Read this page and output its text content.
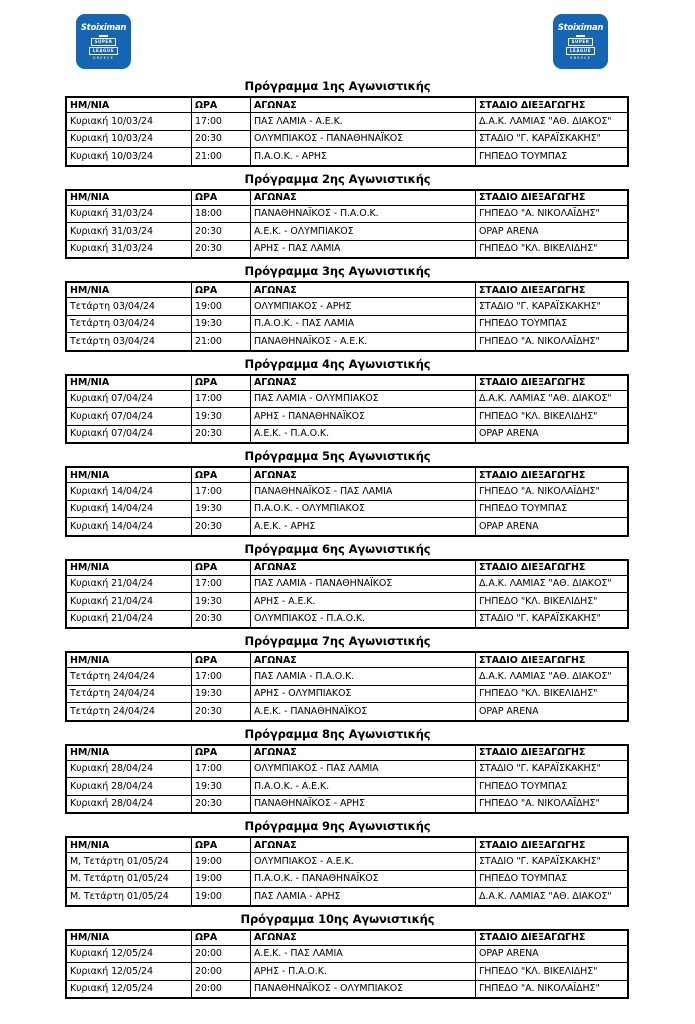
Stoiximan
SUPER
LEAGUE
GREECE
Stoiximan
SUPER
LEAGUE
GREECE
Πρόγραμμα 1ης Αγωνιστικής
ΗΜ/ΝΙΑ	ΩΡΑ	ΑΓΩΝΑΣ	ΣΤΑΔΙΟ ΔΙΕΞΑΓΩΓΗΣ
Κυριακή 10/03/24	17:00	ΠΑΣ ΛΑΜΙΑ - Α.Ε.Κ.	Δ.Α.Κ. ΛΑΜΙΑΣ "ΑΘ. ΔΙΑΚΟΣ"
Κυριακή 10/03/24	20:30	ΟΛΥΜΠΙΑΚΟΣ - ΠΑΝΑΘΗΝΑΪΚΟΣ	ΣΤΑΔΙΟ "Γ. ΚΑΡΑΪΣΚΑΚΗΣ"
Κυριακή 10/03/24	21:00	Π.Α.Ο.Κ. - ΑΡΗΣ	ΓΗΠΕΔΟ ΤΟΥΜΠΑΣ
Πρόγραμμα 2ης Αγωνιστικής
ΗΜ/ΝΙΑ	ΩΡΑ	ΑΓΩΝΑΣ	ΣΤΑΔΙΟ ΔΙΕΞΑΓΩΓΗΣ
Κυριακή 31/03/24	18:00	ΠΑΝΑΘΗΝΑΪΚΟΣ - Π.Α.Ο.Κ.	ΓΗΠΕΔΟ "Α. ΝΙΚΟΛΑΪΔΗΣ"
Κυριακή 31/03/24	20:30	Α.Ε.Κ. - ΟΛΥΜΠΙΑΚΟΣ	OPAP ARENA
Κυριακή 31/03/24	20:30	ΑΡΗΣ - ΠΑΣ ΛΑΜΙΑ	ΓΗΠΕΔΟ "ΚΛ. ΒΙΚΕΛΙΔΗΣ"
Πρόγραμμα 3ης Αγωνιστικής
ΗΜ/ΝΙΑ	ΩΡΑ	ΑΓΩΝΑΣ	ΣΤΑΔΙΟ ΔΙΕΞΑΓΩΓΗΣ
Τετάρτη 03/04/24	19:00	ΟΛΥΜΠΙΑΚΟΣ - ΑΡΗΣ	ΣΤΑΔΙΟ "Γ. ΚΑΡΑΪΣΚΑΚΗΣ"
Τετάρτη 03/04/24	19:30	Π.Α.Ο.Κ. - ΠΑΣ ΛΑΜΙΑ	ΓΗΠΕΔΟ ΤΟΥΜΠΑΣ
Τετάρτη 03/04/24	21:00	ΠΑΝΑΘΗΝΑΪΚΟΣ - Α.Ε.Κ.	ΓΗΠΕΔΟ "Α. ΝΙΚΟΛΑΪΔΗΣ"
Πρόγραμμα 4ης Αγωνιστικής
ΗΜ/ΝΙΑ	ΩΡΑ	ΑΓΩΝΑΣ	ΣΤΑΔΙΟ ΔΙΕΞΑΓΩΓΗΣ
Κυριακή 07/04/24	17:00	ΠΑΣ ΛΑΜΙΑ - ΟΛΥΜΠΙΑΚΟΣ	Δ.Α.Κ. ΛΑΜΙΑΣ "ΑΘ. ΔΙΑΚΟΣ"
Κυριακή 07/04/24	19:30	ΑΡΗΣ - ΠΑΝΑΘΗΝΑΪΚΟΣ	ΓΗΠΕΔΟ "ΚΛ. ΒΙΚΕΛΙΔΗΣ"
Κυριακή 07/04/24	20:30	Α.Ε.Κ. - Π.Α.Ο.Κ.	OPAP ARENA
Πρόγραμμα 5ης Αγωνιστικής
ΗΜ/ΝΙΑ	ΩΡΑ	ΑΓΩΝΑΣ	ΣΤΑΔΙΟ ΔΙΕΞΑΓΩΓΗΣ
Κυριακή 14/04/24	17:00	ΠΑΝΑΘΗΝΑΪΚΟΣ - ΠΑΣ ΛΑΜΙΑ	ΓΗΠΕΔΟ "Α. ΝΙΚΟΛΑΪΔΗΣ"
Κυριακή 14/04/24	19:30	Π.Α.Ο.Κ. - ΟΛΥΜΠΙΑΚΟΣ	ΓΗΠΕΔΟ ΤΟΥΜΠΑΣ
Κυριακή 14/04/24	20:30	Α.Ε.Κ. - ΑΡΗΣ	OPAP ARENA
Πρόγραμμα 6ης Αγωνιστικής
ΗΜ/ΝΙΑ	ΩΡΑ	ΑΓΩΝΑΣ	ΣΤΑΔΙΟ ΔΙΕΞΑΓΩΓΗΣ
Κυριακή 21/04/24	17:00	ΠΑΣ ΛΑΜΙΑ - ΠΑΝΑΘΗΝΑΪΚΟΣ	Δ.Α.Κ. ΛΑΜΙΑΣ "ΑΘ. ΔΙΑΚΟΣ"
Κυριακή 21/04/24	19:30	ΑΡΗΣ - Α.Ε.Κ.	ΓΗΠΕΔΟ "ΚΛ. ΒΙΚΕΛΙΔΗΣ"
Κυριακή 21/04/24	20:30	ΟΛΥΜΠΙΑΚΟΣ - Π.Α.Ο.Κ.	ΣΤΑΔΙΟ "Γ. ΚΑΡΑΪΣΚΑΚΗΣ"
Πρόγραμμα 7ης Αγωνιστικής
ΗΜ/ΝΙΑ	ΩΡΑ	ΑΓΩΝΑΣ	ΣΤΑΔΙΟ ΔΙΕΞΑΓΩΓΗΣ
Τετάρτη 24/04/24	17:00	ΠΑΣ ΛΑΜΙΑ - Π.Α.Ο.Κ.	Δ.Α.Κ. ΛΑΜΙΑΣ "ΑΘ. ΔΙΑΚΟΣ"
Τετάρτη 24/04/24	19:30	ΑΡΗΣ - ΟΛΥΜΠΙΑΚΟΣ	ΓΗΠΕΔΟ "ΚΛ. ΒΙΚΕΛΙΔΗΣ"
Τετάρτη 24/04/24	20:30	Α.Ε.Κ. - ΠΑΝΑΘΗΝΑΪΚΟΣ	OPAP ARENA
Πρόγραμμα 8ης Αγωνιστικής
ΗΜ/ΝΙΑ	ΩΡΑ	ΑΓΩΝΑΣ	ΣΤΑΔΙΟ ΔΙΕΞΑΓΩΓΗΣ
Κυριακή 28/04/24	17:00	ΟΛΥΜΠΙΑΚΟΣ - ΠΑΣ ΛΑΜΙΑ	ΣΤΑΔΙΟ "Γ. ΚΑΡΑΪΣΚΑΚΗΣ"
Κυριακή 28/04/24	19:30	Π.Α.Ο.Κ. - Α.Ε.Κ.	ΓΗΠΕΔΟ ΤΟΥΜΠΑΣ
Κυριακή 28/04/24	20:30	ΠΑΝΑΘΗΝΑΪΚΟΣ - ΑΡΗΣ	ΓΗΠΕΔΟ "Α. ΝΙΚΟΛΑΪΔΗΣ"
Πρόγραμμα 9ης Αγωνιστικής
ΗΜ/ΝΙΑ	ΩΡΑ	ΑΓΩΝΑΣ	ΣΤΑΔΙΟ ΔΙΕΞΑΓΩΓΗΣ
Μ, Τετάρτη 01/05/24	19:00	ΟΛΥΜΠΙΑΚΟΣ - Α.Ε.Κ.	ΣΤΑΔΙΟ "Γ. ΚΑΡΑΪΣΚΑΚΗΣ"
Μ. Τετάρτη 01/05/24	19:00	Π.Α.Ο.Κ. - ΠΑΝΑΘΗΝΑΪΚΟΣ	ΓΗΠΕΔΟ ΤΟΥΜΠΑΣ
Μ. Τετάρτη 01/05/24	19:00	ΠΑΣ ΛΑΜΙΑ - ΑΡΗΣ	Δ.Α.Κ. ΛΑΜΙΑΣ "ΑΘ. ΔΙΑΚΟΣ"
Πρόγραμμα 10ης Αγωνιστικής
ΗΜ/ΝΙΑ	ΩΡΑ	ΑΓΩΝΑΣ	ΣΤΑΔΙΟ ΔΙΕΞΑΓΩΓΗΣ
Κυριακή 12/05/24	20:00	Α.Ε.Κ. - ΠΑΣ ΛΑΜΙΑ	OPAP ARENA
Κυριακή 12/05/24	20:00	ΑΡΗΣ - Π.Α.Ο.Κ.	ΓΗΠΕΔΟ "ΚΛ. ΒΙΚΕΛΙΔΗΣ"
Κυριακή 12/05/24	20:00	ΠΑΝΑΘΗΝΑΪΚΟΣ - ΟΛΥΜΠΙΑΚΟΣ	ΓΗΠΕΔΟ "Α. ΝΙΚΟΛΑΪΔΗΣ"
